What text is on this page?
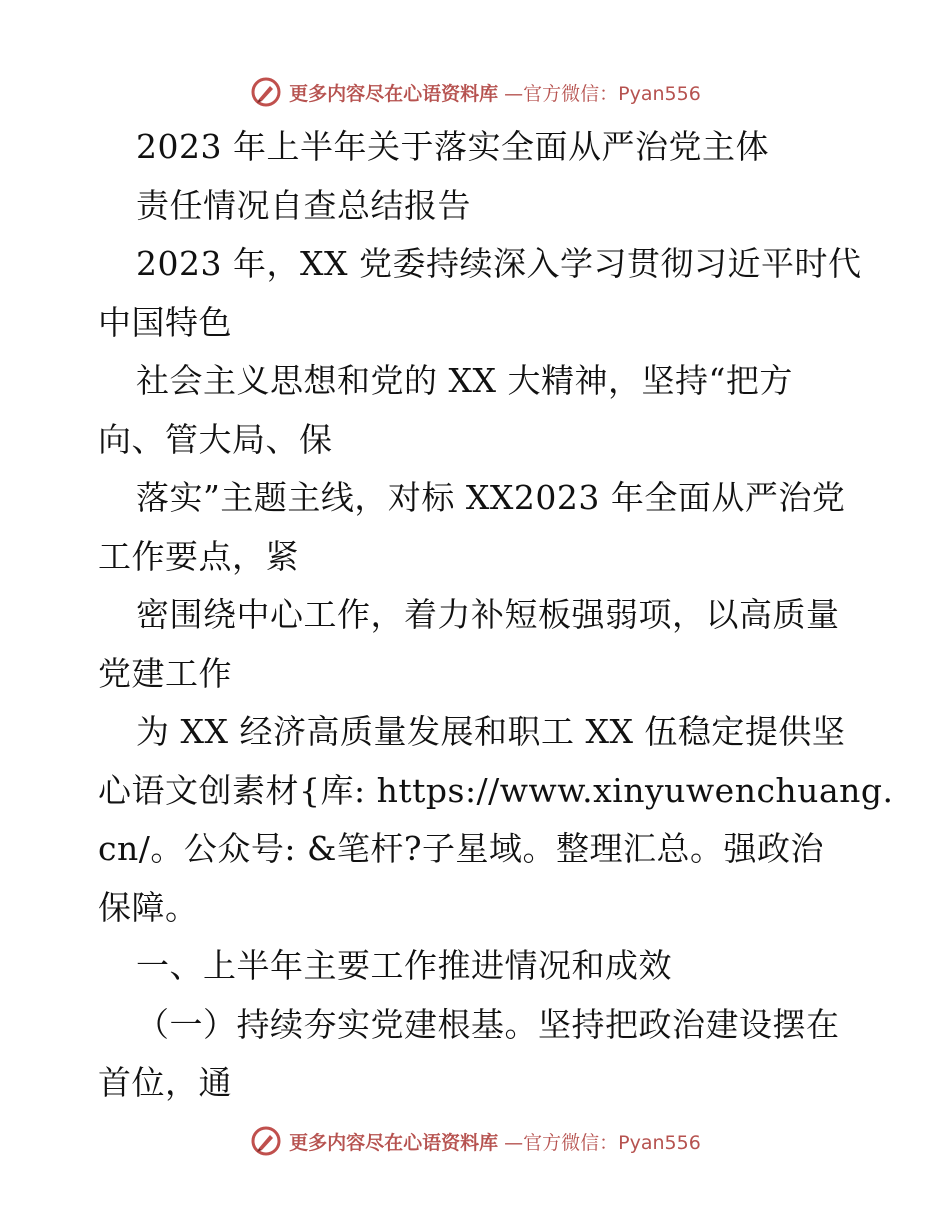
更多内容尽在心语资料库 —官方微信：Pyan556
2023 年上半年关于落实全面从严治党主体
责任情况自查总结报告
2023 年，XX 党委持续深入学习贯彻习近平时代
中国特色
社会主义思想和党的 XX 大精神，坚持“把方
向、管大局、保
落实”主题主线，对标 XX2023 年全面从严治党
工作要点，紧
密围绕中心工作，着力补短板强弱项，以高质量
党建工作
为 XX 经济高质量发展和职工 XX 伍稳定提供坚
心语文创素材{库: https://www.xinyuwenchuang.
cn/。公众号: &笔杆?子星域。整理汇总。强政治
保障。
一、上半年主要工作推进情况和成效
（一）持续夯实党建根基。坚持把政治建设摆在
首位，通
更多内容尽在心语资料库 —官方微信：Pyan556
